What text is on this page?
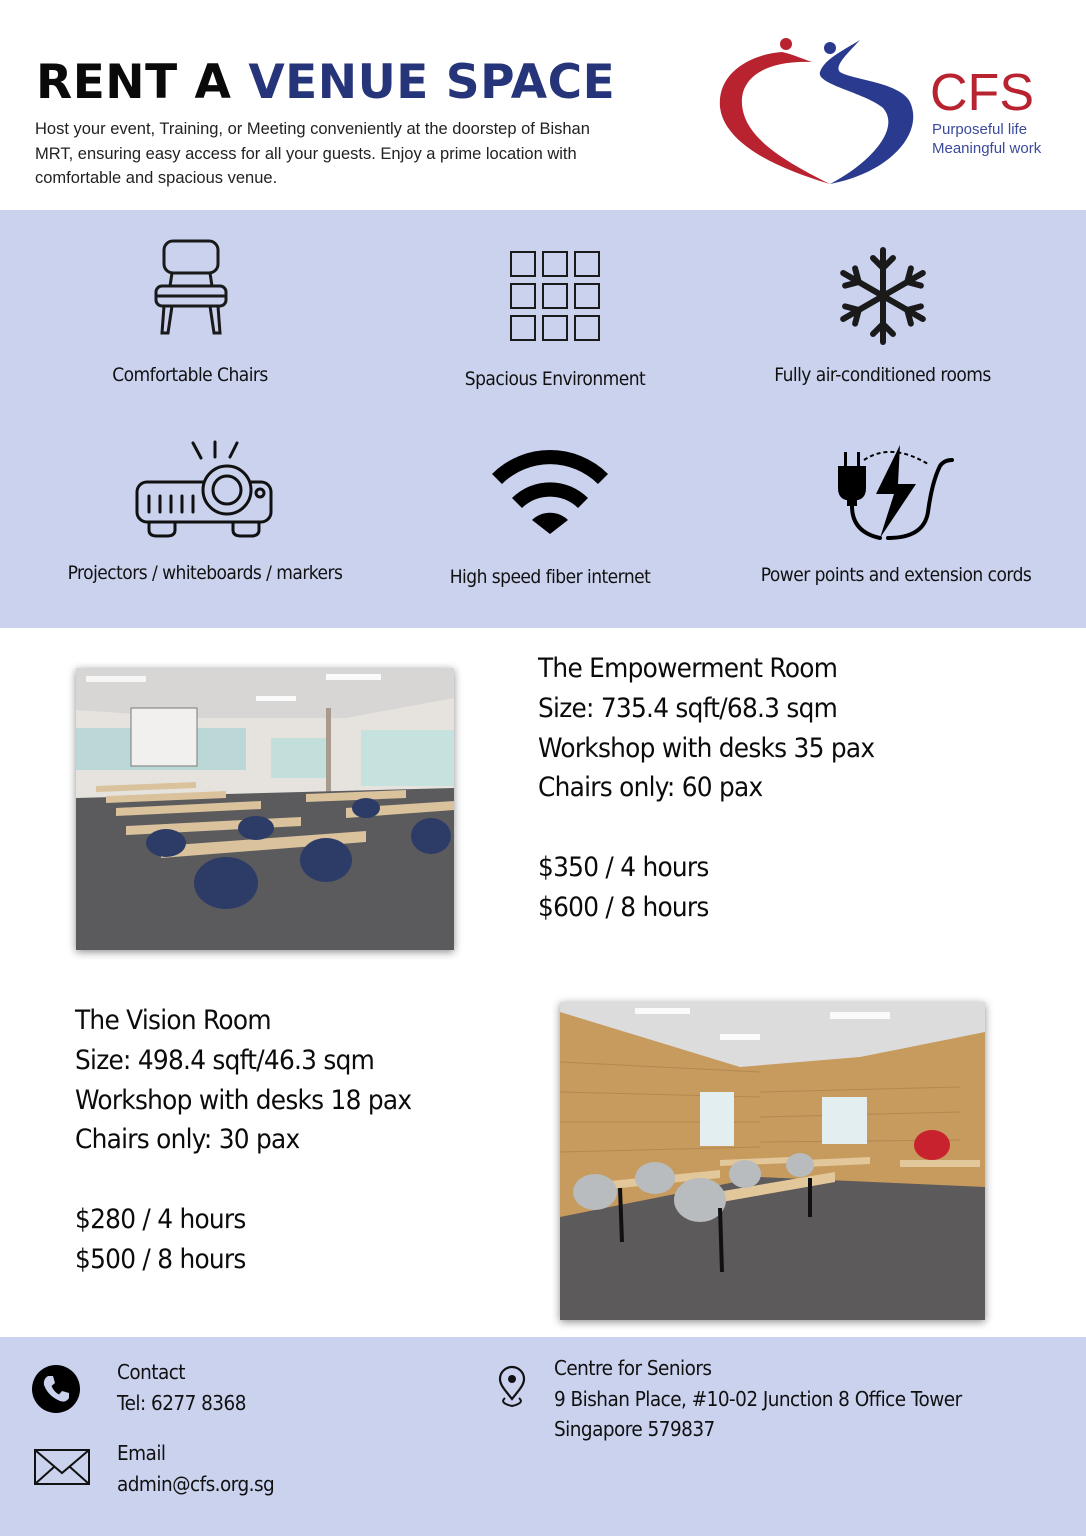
RENT A VENUE SPACE
Host your event, Training, or Meeting conveniently at the doorstep of Bishan MRT, ensuring easy access for all your guests. Enjoy a prime location with comfortable and spacious venue.
CFS
Purposeful life
Meaningful work
Comfortable Chairs	Spacious Environment	Fully air-conditioned rooms
Projectors / whiteboards / markers	High speed fiber internet	Power points and extension cords
The Empowerment Room
Size: 735.4 sqft/68.3 sqm
Workshop with desks 35 pax
Chairs only: 60 pax
$350 / 4 hours
$600 / 8 hours
The Vision Room
Size: 498.4 sqft/46.3 sqm
Workshop with desks 18 pax
Chairs only: 30 pax
$280 / 4 hours
$500 / 8 hours
Contact
Tel: 6277 8368
Email
admin@cfs.org.sg
Centre for Seniors
9 Bishan Place, #10-02 Junction 8 Office Tower
Singapore 579837
